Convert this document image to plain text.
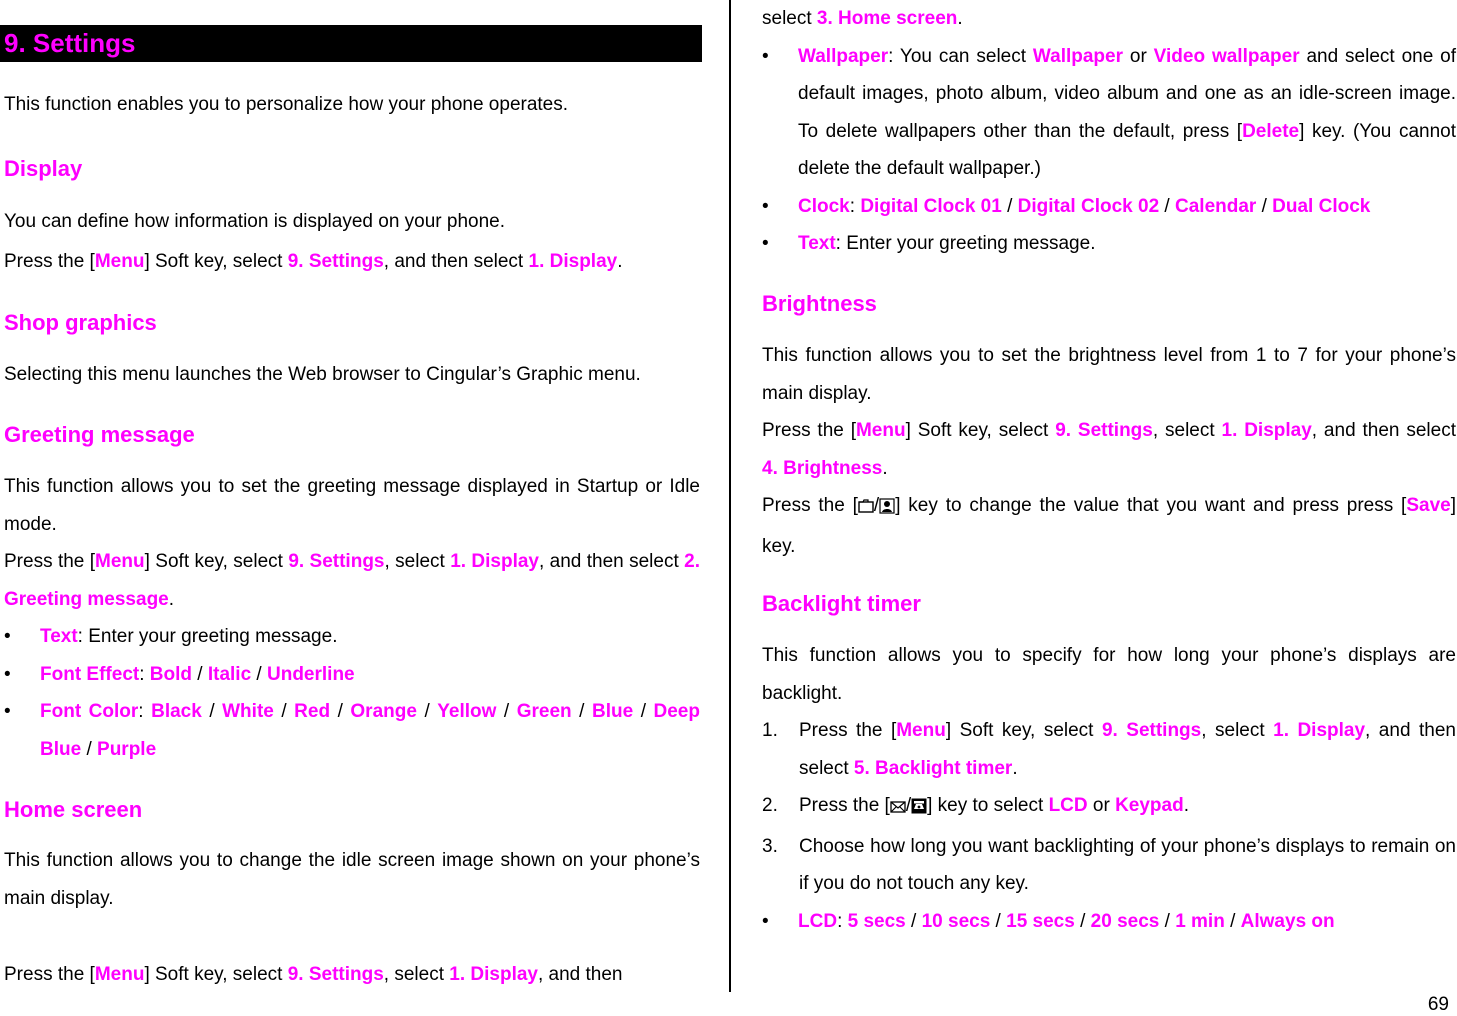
9. Settings

This function enables you to personalize how your phone operates.

Display

You can define how information is displayed on your phone.

Press the [Menu] Soft key, select 9. Settings, and then select 1. Display.

Shop graphics

Selecting this menu launches the Web browser to Cingular’s Graphic menu.

Greeting message

This function allows you to set the greeting message displayed in Startup or Idle mode.

Press the [Menu] Soft key, select 9. Settings, select 1. Display, and then select 2. Greeting message.

• Text: Enter your greeting message.
• Font Effect: Bold / Italic / Underline
• Font Color: Black / White / Red / Orange / Yellow / Green / Blue / Deep Blue / Purple
Home screen

This function allows you to change the idle screen image shown on your phone’s main display.

Press the [Menu] Soft key, select 9. Settings, select 1. Display, and then

select 3. Home screen.

• Wallpaper: You can select Wallpaper or Video wallpaper and select one of default images, photo album, video album and one as an idle-screen image. To delete wallpapers other than the default, press [Delete] key. (You cannot delete the default wallpaper.)
• Clock: Digital Clock 01 / Digital Clock 02 / Calendar / Dual Clock
• Text: Enter your greeting message.
Brightness

This function allows you to set the brightness level from 1 to 7 for your phone’s main display.

Press the [Menu] Soft key, select 9. Settings, select 1. Display, and then select 4. Brightness.

Press the [ / ] key to change the value that you want and press press [Save] key.

Backlight timer

This function allows you to specify for how long your phone’s displays are backlight.

1. Press the [Menu] Soft key, select 9. Settings, select 1. Display, and then select 5. Backlight timer.
2. Press the [ / ] key to select LCD or Keypad.
3. Choose how long you want backlighting of your phone’s displays to remain on if you do not touch any key.
• LCD: 5 secs / 10 secs / 15 secs / 20 secs / 1 min / Always on
69
